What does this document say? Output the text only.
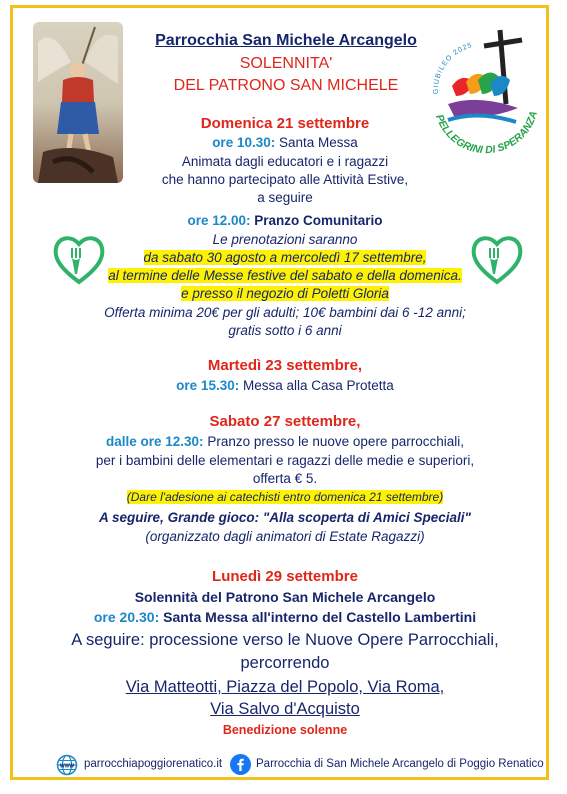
Parrocchia San Michele Arcangelo
SOLENNITA'
DEL PATRONO SAN MICHELE	GIUBILEO 2025
PELLEGRINI DI SPERANZA
Domenica 21 settembre
ore 10.30: Santa Messa
Animata dagli educatori e i ragazzi
che hanno partecipato alle Attività Estive,
a seguire
ore 12.00: Pranzo Comunitario
Le prenotazioni saranno
da sabato 30 agosto a mercoledì 17 settembre,
al termine delle Messe festive del sabato e della domenica.
e presso il negozio di Poletti Gloria
Offerta minima 20€ per gli adulti; 10€ bambini dai 6 -12 anni;
gratis sotto i 6 anni
Martedì 23 settembre,
ore 15.30: Messa alla Casa Protetta
Sabato 27 settembre,
dalle ore 12.30: Pranzo presso le nuove opere parrocchiali,
per i bambini delle elementari e ragazzi delle medie e superiori,
offerta € 5.
(Dare l'adesione ai catechisti entro domenica 21 settembre)
A seguire, Grande gioco: "Alla scoperta di Amici Speciali"
(organizzato dagli animatori di Estate Ragazzi)
Lunedì 29 settembre
Solennità del Patrono San Michele Arcangelo
ore 20.30: Santa Messa all'interno del Castello Lambertini
A seguire: processione verso le Nuove Opere Parrocchiali,
percorrendo
Via Matteotti, Piazza del Popolo, Via Roma,
Via Salvo d'Acquisto
Benedizione solenne
WWW parrocchiapoggiorenatico.it	Parrocchia di San Michele Arcangelo di Poggio Renatico
